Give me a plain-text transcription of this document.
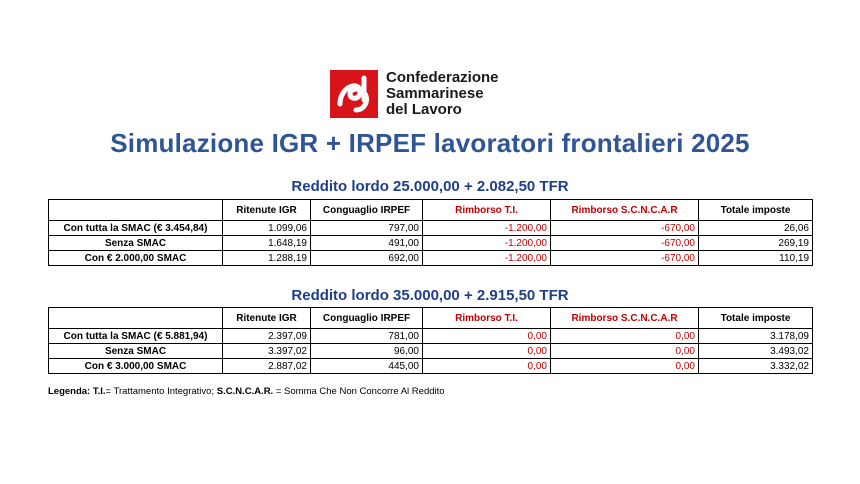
Confederazione
Sammarinese
del Lavoro
Simulazione IGR + IRPEF lavoratori frontalieri 2025
Reddito lordo 25.000,00 + 2.082,50 TFR
	Ritenute IGR	Conguaglio IRPEF	Rimborso T.I.	Rimborso S.C.N.C.A.R	Totale imposte
Con tutta la SMAC (€ 3.454,84)	1.099,06	797,00	-1.200,00	-670,00	26,06
Senza SMAC	1.648,19	491,00	-1.200,00	-670,00	269,19
Con € 2.000,00 SMAC	1.288,19	692,00	-1.200,00	-670,00	110,19
Reddito lordo 35.000,00 + 2.915,50 TFR
	Ritenute IGR	Conguaglio IRPEF	Rimborso T.I.	Rimborso S.C.N.C.A.R	Totale imposte
Con tutta la SMAC (€ 5.881,94)	2.397,09	781,00	0,00	0,00	3.178,09
Senza SMAC	3.397,02	96,00	0,00	0,00	3.493,02
Con € 3.000,00 SMAC	2.887,02	445,00	0,00	0,00	3.332,02
Legenda: T.I.= Trattamento Integrativo; S.C.N.C.A.R. = Somma Che Non Concorre Al Reddito
